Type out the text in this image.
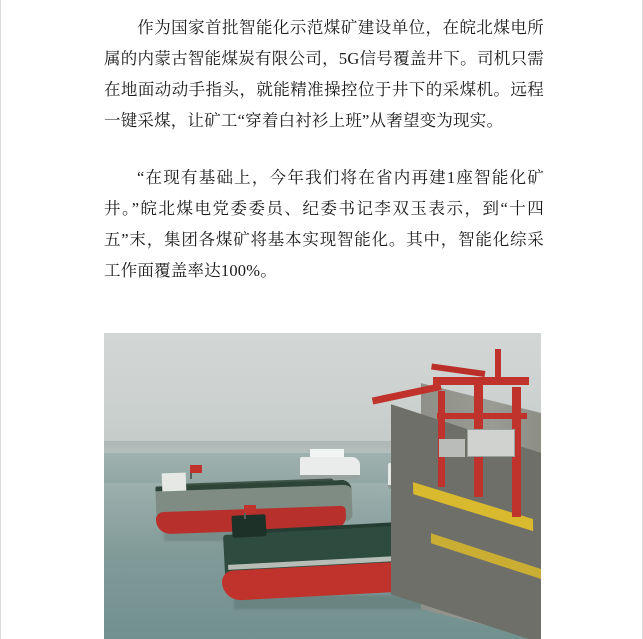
作为国家首批智能化示范煤矿建设单位，在皖北煤电所属的内蒙古智能煤炭有限公司，5G信号覆盖井下。司机只需在地面动动手指头，就能精准操控位于井下的采煤机。远程一键采煤，让矿工“穿着白衬衫上班”从奢望变为现实。

“在现有基础上，今年我们将在省内再建1座智能化矿井。”皖北煤电党委委员、纪委书记李双玉表示，到“十四五”末，集团各煤矿将基本实现智能化。其中，智能化综采工作面覆盖率达100%。
